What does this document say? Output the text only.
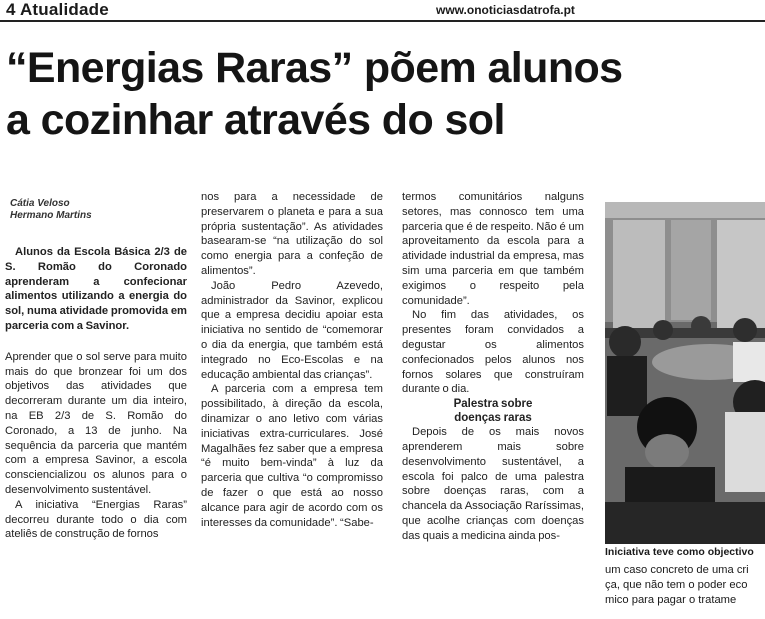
4 Atualidade	www.onoticiasdatrofa.pt
“Energias Raras” põem alunos
a cozinhar através do sol
Cátia Veloso
Hermano Martins

Alunos da Escola Básica 2/3 de S. Romão do Coronado aprenderam a confecionar alimentos utilizando a energia do sol, numa atividade promovida em parceria com a Savinor.

Aprender que o sol serve para muito mais do que bronzear foi um dos objetivos das atividades que decorreram durante um dia inteiro, na EB 2/3 de S. Romão do Coronado, a 13 de junho. Na sequência da parceria que mantém com a empresa Savinor, a escola consciencializou os alunos para o desenvolvimento sustentável.

A iniciativa “Energias Raras” decorreu durante todo o dia com ateliês de construção de fornos

nos para a necessidade de preservarem o planeta e para a sua própria sustentação”. As atividades basearam-se “na utilização do sol como energia para a confeção de alimentos”.

João Pedro Azevedo, administrador da Savinor, explicou que a empresa decidiu apoiar esta iniciativa no sentido de “comemorar o dia da energia, que também está integrado no Eco-Escolas e na educação ambiental das crianças”.

A parceria com a empresa tem possibilitado, à direção da escola, dinamizar o ano letivo com várias iniciativas extra-curriculares. José Magalhães fez saber que a empresa “é muito bem-vinda” à luz da parceria que cultiva “o compromisso de fazer o que está ao nosso alcance para agir de acordo com os interesses da comunidade”. “Sabe-

termos comunitários nalguns setores, mas connosco tem uma parceria que é de respeito. Não é um aproveitamento da escola para a atividade industrial da empresa, mas sim uma parceria em que também exigimos o respeito pela comunidade”.

No fim das atividades, os presentes foram convidados a degustar os alimentos confecionados pelos alunos nos fornos solares que construíram durante o dia.

Palestra sobre
doenças raras

Depois de os mais novos aprenderem mais sobre desenvolvimento sustentável, a escola foi palco de uma palestra sobre doenças raras, com a chancela da Associação Raríssimas, que acolhe crianças com doenças das quais a medicina ainda pos-

Iniciativa teve como objectivo
um caso concreto de uma cri
ça, que não tem o poder eco
mico para pagar o tratame
